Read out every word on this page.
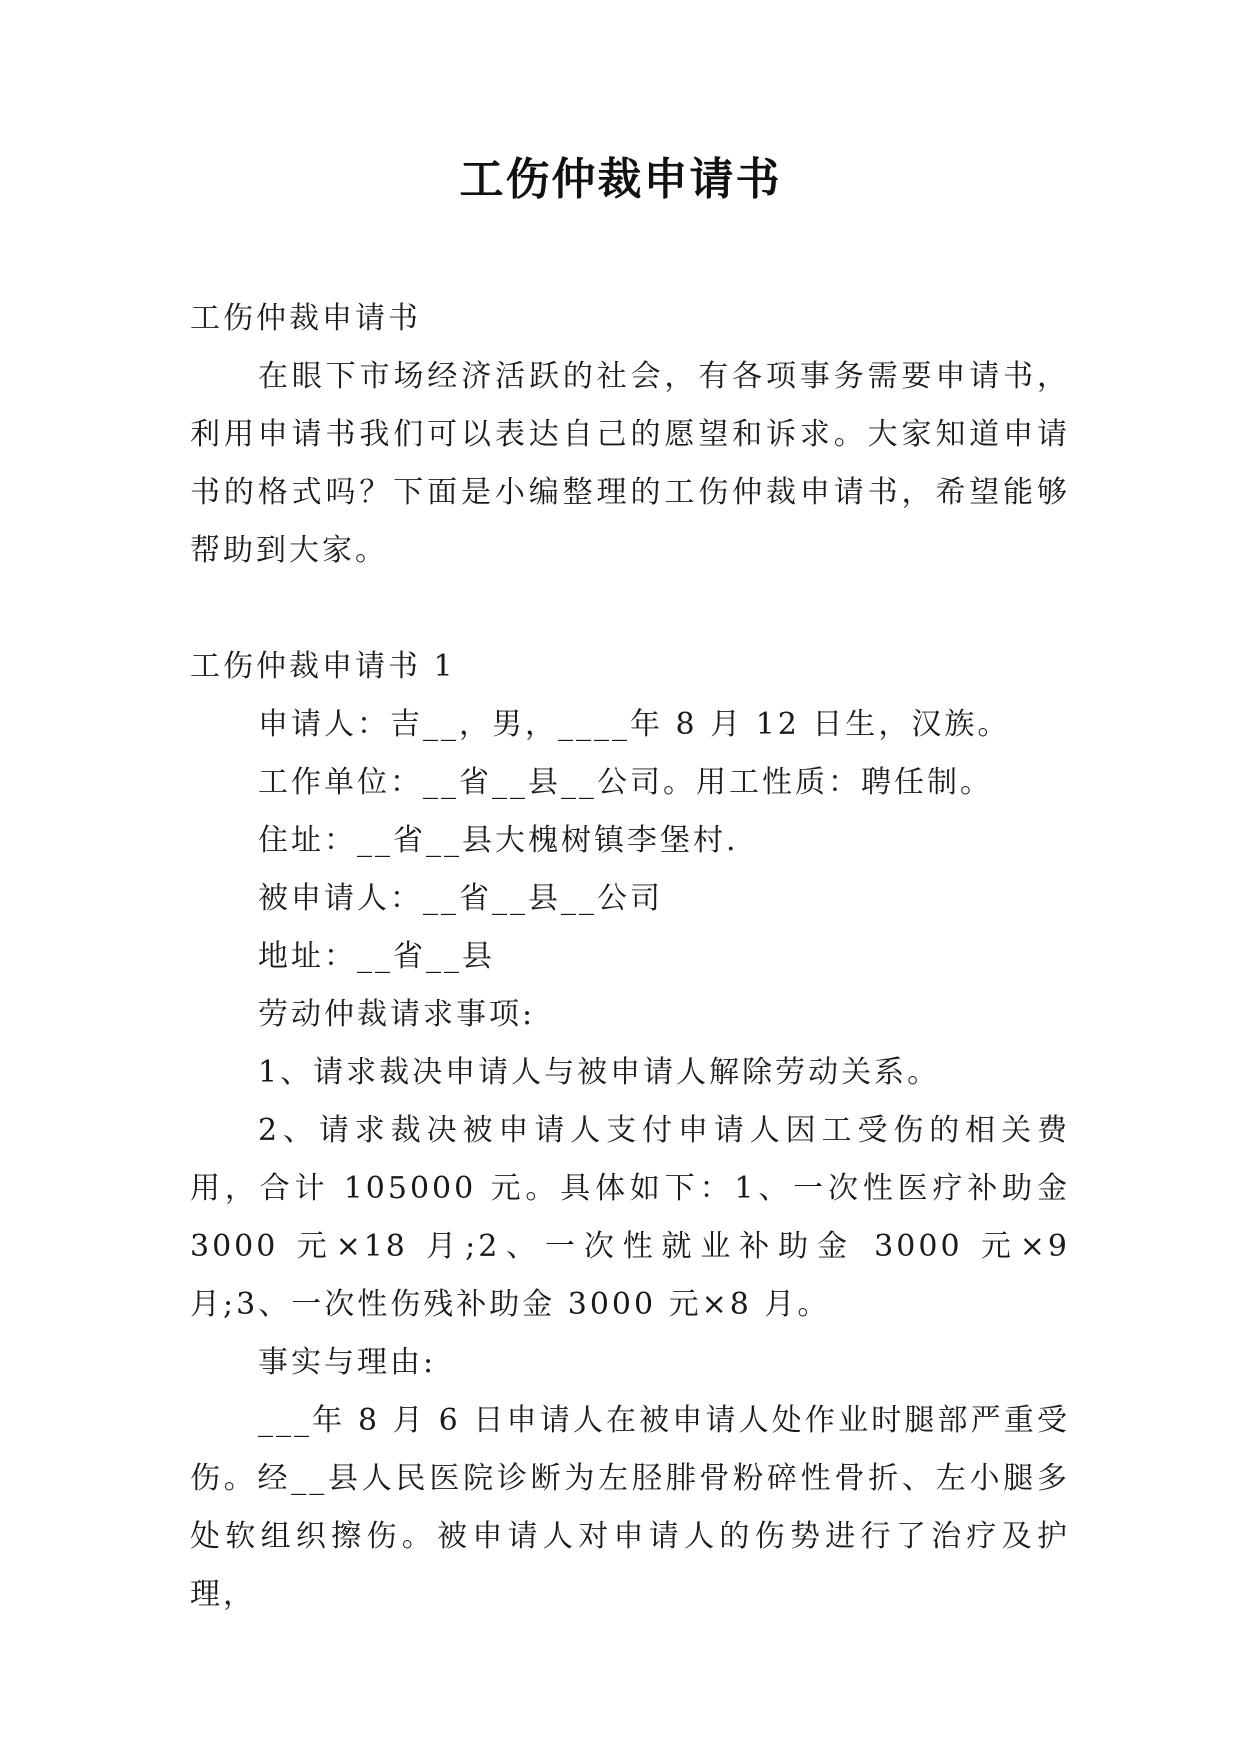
工伤仲裁申请书

工伤仲裁申请书

在眼下市场经济活跃的社会，有各项事务需要申请书，利用申请书我们可以表达自己的愿望和诉求。大家知道申请书的格式吗？下面是小编整理的工伤仲裁申请书，希望能够帮助到大家。

工伤仲裁申请书 1

申请人：吉__，男，____年 8 月 12 日生，汉族。

工作单位：__省__县__公司。用工性质：聘任制。

住址：__省__县大槐树镇李堡村.

被申请人：__省__县__公司

地址：__省__县

劳动仲裁请求事项:

1、请求裁决申请人与被申请人解除劳动关系。

2、请求裁决被申请人支付申请人因工受伤的相关费用，合计 105000 元。具体如下：1、一次性医疗补助金 3000 元×18 月;2、一次性就业补助金 3000 元×9 月;3、一次性伤残补助金 3000 元×8 月。

事实与理由:

___年 8 月 6 日申请人在被申请人处作业时腿部严重受伤。经__县人民医院诊断为左胫腓骨粉碎性骨折、左小腿多处软组织擦伤。被申请人对申请人的伤势进行了治疗及护理，
